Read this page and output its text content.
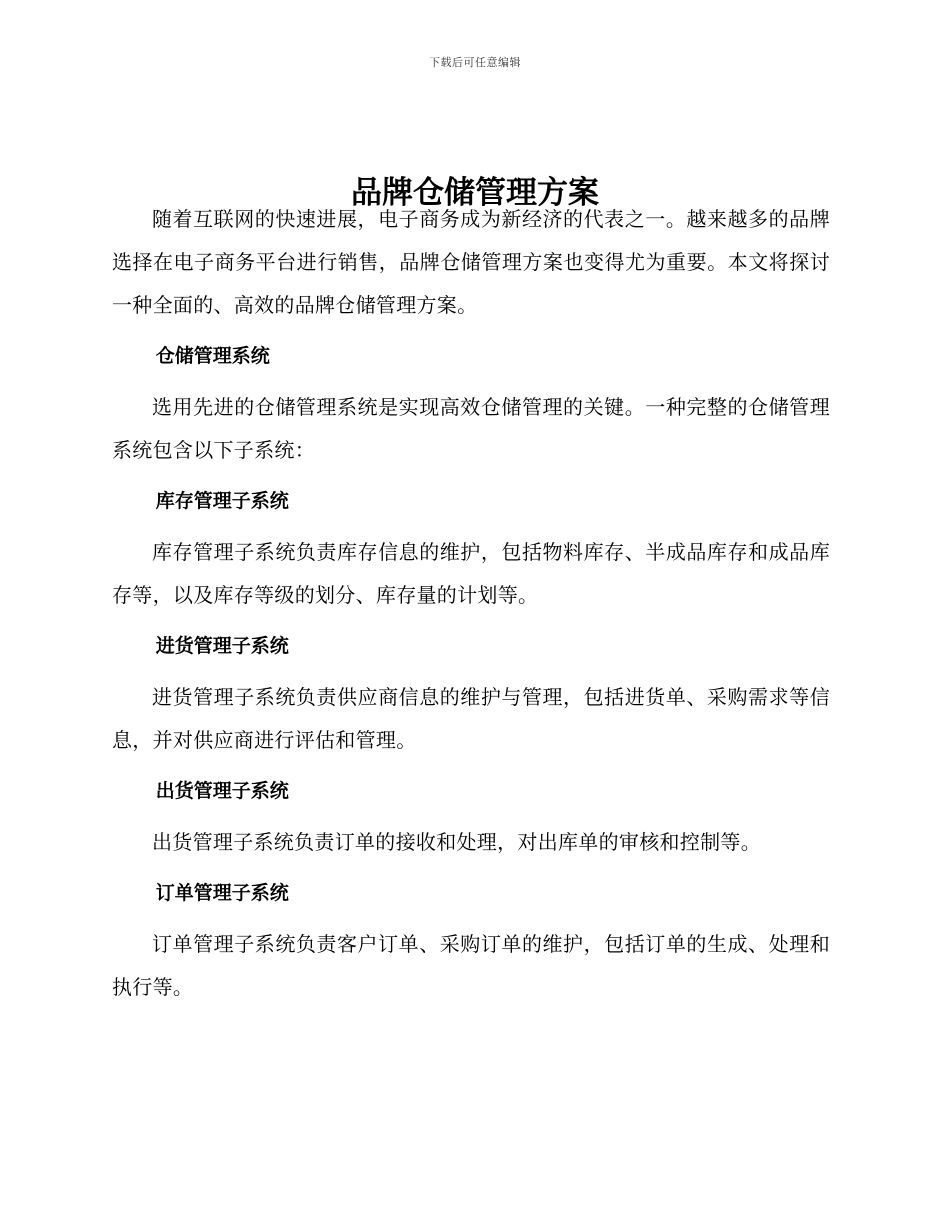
下载后可任意编辑
品牌仓储管理方案

随着互联网的快速进展，电子商务成为新经济的代表之一。越来越多的品牌选择在电子商务平台进行销售，品牌仓储管理方案也变得尤为重要。本文将探讨一种全面的、高效的品牌仓储管理方案。

仓储管理系统

选用先进的仓储管理系统是实现高效仓储管理的关键。一种完整的仓储管理系统包含以下子系统：

库存管理子系统

库存管理子系统负责库存信息的维护，包括物料库存、半成品库存和成品库存等，以及库存等级的划分、库存量的计划等。

进货管理子系统

进货管理子系统负责供应商信息的维护与管理，包括进货单、采购需求等信息，并对供应商进行评估和管理。

出货管理子系统

出货管理子系统负责订单的接收和处理，对出库单的审核和控制等。

订单管理子系统

订单管理子系统负责客户订单、采购订单的维护，包括订单的生成、处理和执行等。
